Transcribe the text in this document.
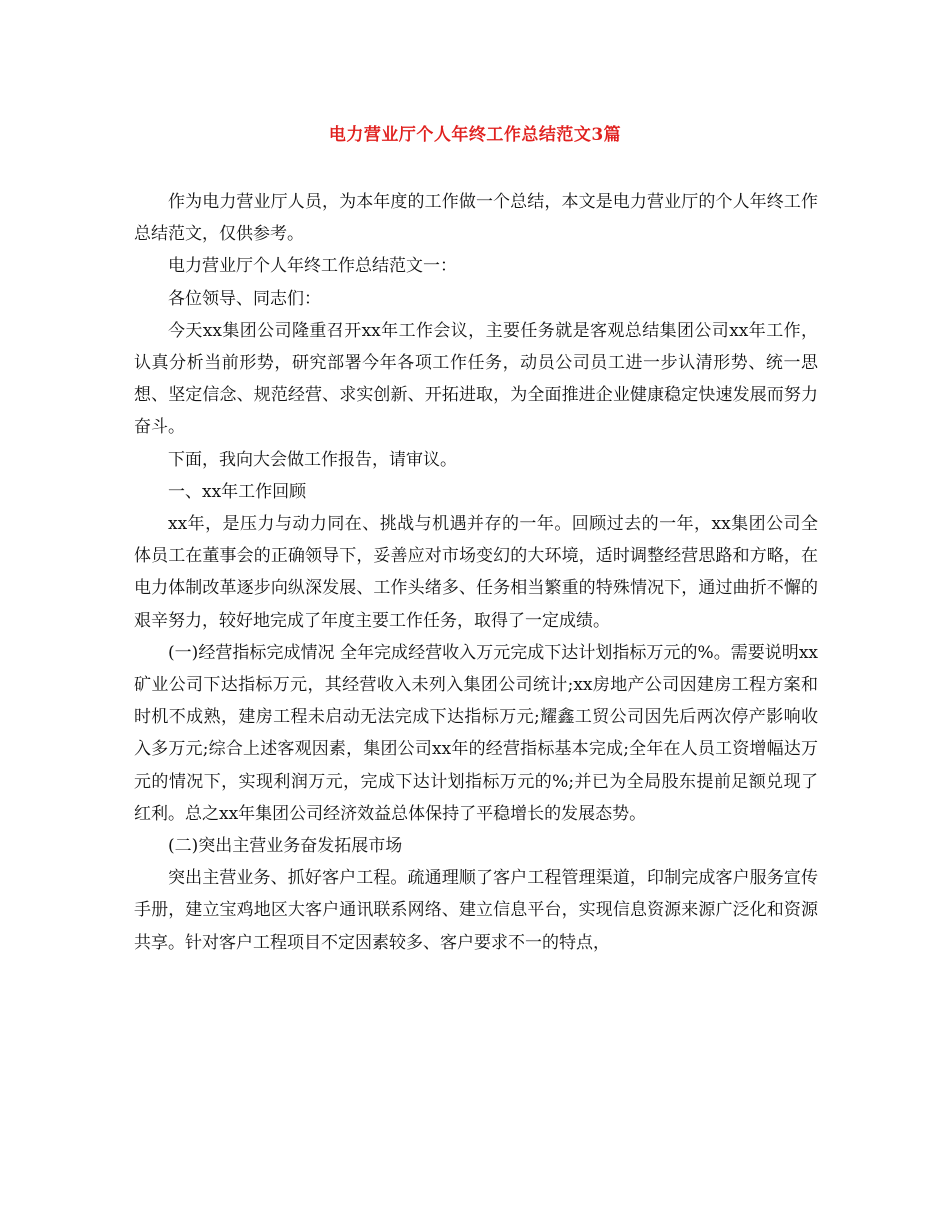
电力营业厅个人年终工作总结范文3篇

作为电力营业厅人员，为本年度的工作做一个总结，本文是电力营业厅的个人年终工作总结范文，仅供参考。

电力营业厅个人年终工作总结范文一：

各位领导、同志们：

今天xx集团公司隆重召开xx年工作会议，主要任务就是客观总结集团公司xx年工作，认真分析当前形势，研究部署今年各项工作任务，动员公司员工进一步认清形势、统一思想、坚定信念、规范经营、求实创新、开拓进取，为全面推进企业健康稳定快速发展而努力奋斗。

下面，我向大会做工作报告，请审议。

一、xx年工作回顾

xx年，是压力与动力同在、挑战与机遇并存的一年。回顾过去的一年，xx集团公司全体员工在董事会的正确领导下，妥善应对市场变幻的大环境，适时调整经营思路和方略，在电力体制改革逐步向纵深发展、工作头绪多、任务相当繁重的特殊情况下，通过曲折不懈的艰辛努力，较好地完成了年度主要工作任务，取得了一定成绩。

(一)经营指标完成情况 全年完成经营收入万元完成下达计划指标万元的%。需要说明xx矿业公司下达指标万元，其经营收入未列入集团公司统计;xx房地产公司因建房工程方案和时机不成熟，建房工程未启动无法完成下达指标万元;耀鑫工贸公司因先后两次停产影响收入多万元;综合上述客观因素，集团公司xx年的经营指标基本完成;全年在人员工资增幅达万元的情况下，实现利润万元，完成下达计划指标万元的%;并已为全局股东提前足额兑现了红利。总之xx年集团公司经济效益总体保持了平稳增长的发展态势。

(二)突出主营业务奋发拓展市场

突出主营业务、抓好客户工程。疏通理顺了客户工程管理渠道，印制完成客户服务宣传手册，建立宝鸡地区大客户通讯联系网络、建立信息平台，实现信息资源来源广泛化和资源共享。针对客户工程项目不定因素较多、客户要求不一的特点，
